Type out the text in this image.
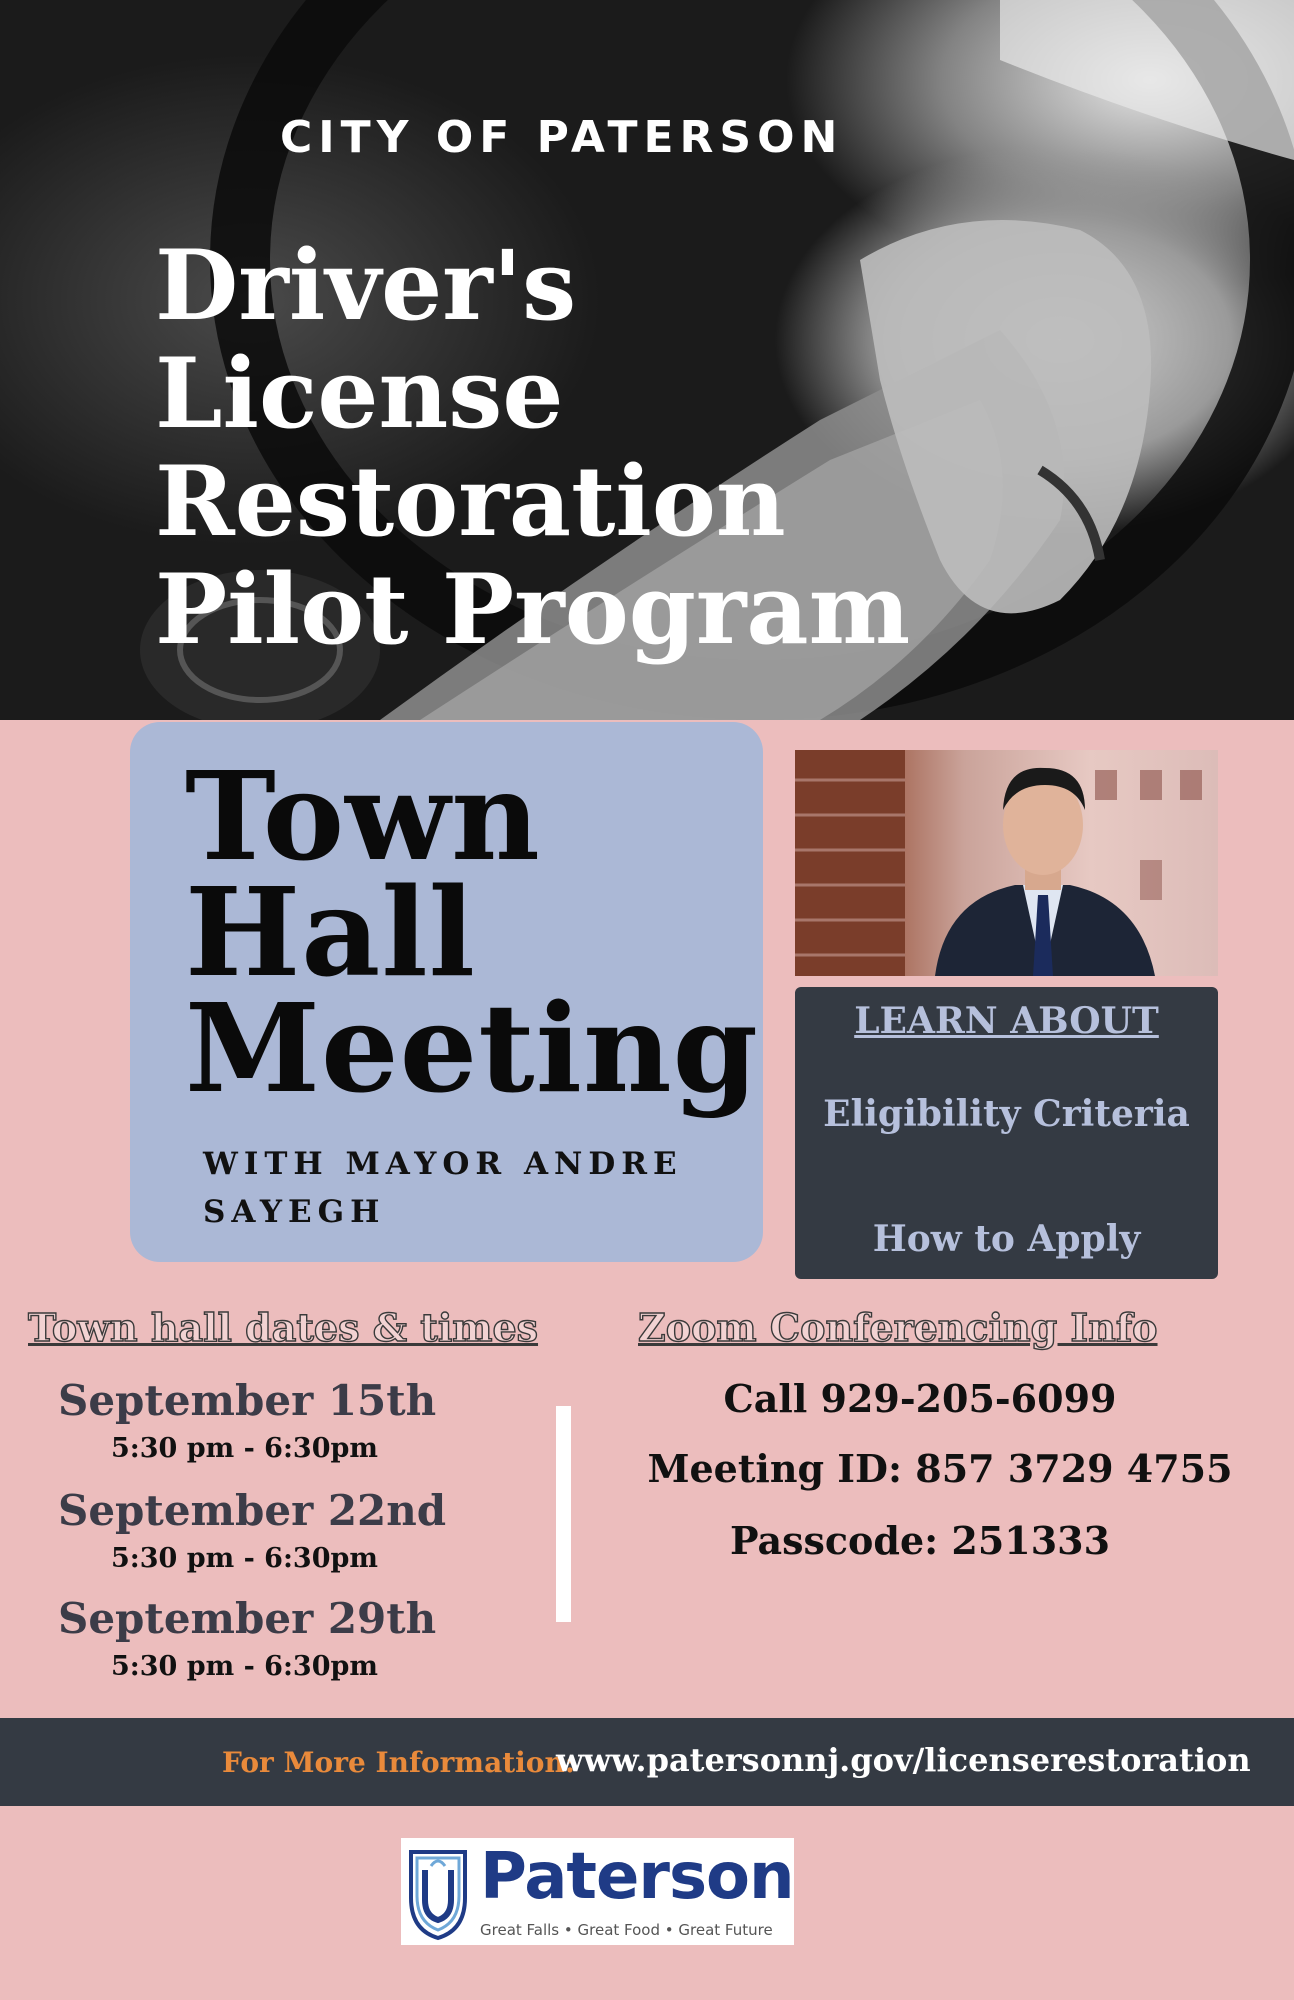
CITY OF PATERSON
Driver's
License
Restoration
Pilot Program
Town
Hall
Meeting
WITH MAYOR ANDRE SAYEGH
LEARN ABOUT
Eligibility Criteria
How to Apply
Town hall dates & times
September 15th
5:30 pm - 6:30pm
September 22nd
5:30 pm - 6:30pm
September 29th
5:30 pm - 6:30pm
Zoom Conferencing Info
Call 929-205-6099
Meeting ID: 857 3729 4755
Passcode: 251333
For More Information:
www.patersonnj.gov/licenserestoration
Paterson
Great Falls • Great Food • Great Future
